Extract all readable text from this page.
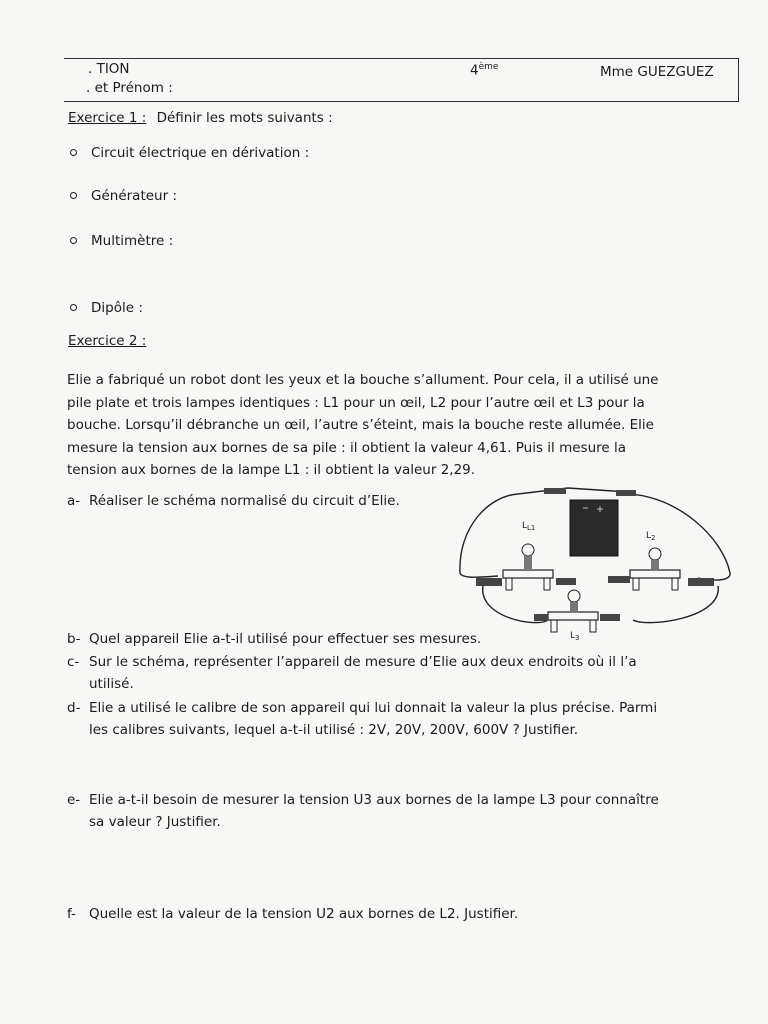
. TION
. et Prénom :
4ème	Mme GUEZGUEZ
Exercice 1 : Définir les mots suivants :
Circuit électrique en dérivation :
Générateur :
Multimètre :
Dipôle :
Exercice 2 :
Elie a fabriqué un robot dont les yeux et la bouche s’allument. Pour cela, il a utilisé une
pile plate et trois lampes identiques : L1 pour un œil, L2 pour l’autre œil et L3 pour la
bouche. Lorsqu’il débranche un œil, l’autre s’éteint, mais la bouche reste allumée. Elie
mesure la tension aux bornes de sa pile : il obtient la valeur 4,61. Puis il mesure la
tension aux bornes de la lampe L1 : il obtient la valeur 2,29.
a- Réaliser le schéma normalisé du circuit d’Elie.
$L_{L1}$
$L_2$
$L_3$
b- Quel appareil Elie a-t-il utilisé pour effectuer ses mesures.
c- Sur le schéma, représenter l’appareil de mesure d’Elie aux deux endroits où il l’a utilisé.
d- Elie a utilisé le calibre de son appareil qui lui donnait la valeur la plus précise. Parmi les calibres suivants, lequel a-t-il utilisé : 2V, 20V, 200V, 600V ? Justifier.
e- Elie a-t-il besoin de mesurer la tension U3 aux bornes de la lampe L3 pour connaître sa valeur ? Justifier.
f- Quelle est la valeur de la tension U2 aux bornes de L2. Justifier.
